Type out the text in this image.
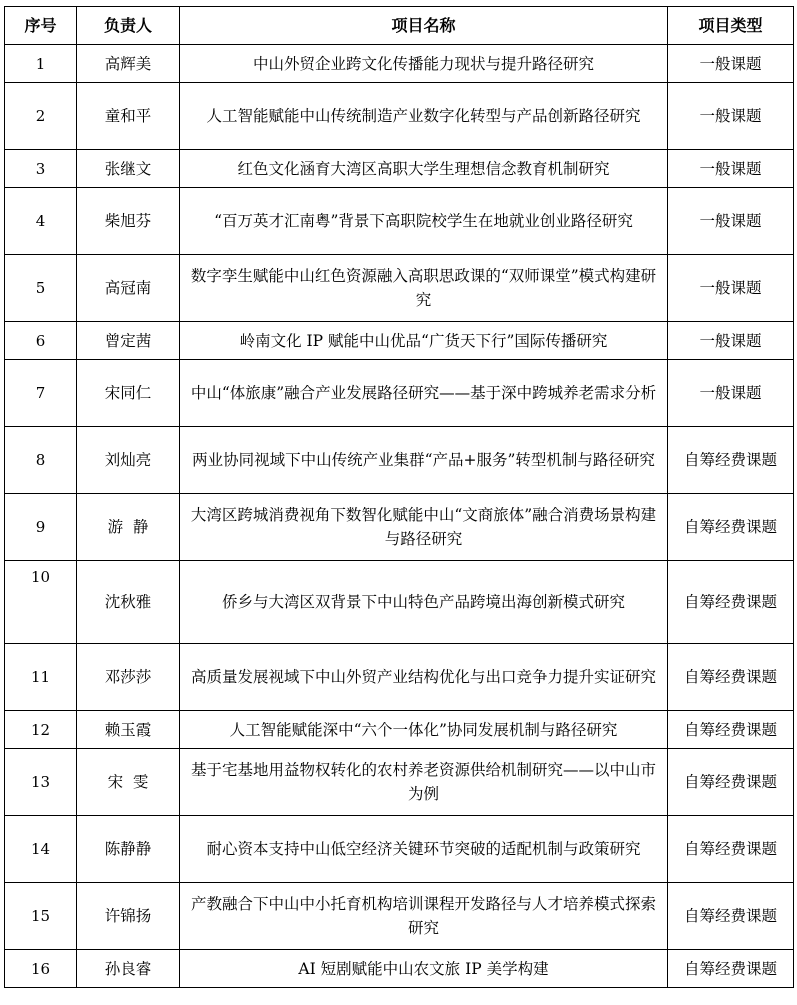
序号	负责人	项目名称	项目类型
1	高辉美	中山外贸企业跨文化传播能力现状与提升路径研究	一般课题
2	童和平	人工智能赋能中山传统制造产业数字化转型与产品创新路径研究	一般课题
3	张继文	红色文化涵育大湾区高职大学生理想信念教育机制研究	一般课题
4	柴旭芬	“百万英才汇南粤”背景下高职院校学生在地就业创业路径研究	一般课题
5	高冠南	数字孪生赋能中山红色资源融入高职思政课的“双师课堂”模式构建研究	一般课题
6	曾定茜	岭南文化 IP 赋能中山优品“广货天下行”国际传播研究	一般课题
7	宋同仁	中山“体旅康”融合产业发展路径研究——基于深中跨城养老需求分析	一般课题
8	刘灿亮	两业协同视域下中山传统产业集群“产品+服务”转型机制与路径研究	自筹经费课题
9	游  静	大湾区跨城消费视角下数智化赋能中山“文商旅体”融合消费场景构建与路径研究	自筹经费课题
10	沈秋雅	侨乡与大湾区双背景下中山特色产品跨境出海创新模式研究	自筹经费课题
11	邓莎莎	高质量发展视域下中山外贸产业结构优化与出口竞争力提升实证研究	自筹经费课题
12	赖玉霞	人工智能赋能深中“六个一体化”协同发展机制与路径研究	自筹经费课题
13	宋  雯	基于宅基地用益物权转化的农村养老资源供给机制研究——以中山市为例	自筹经费课题
14	陈静静	耐心资本支持中山低空经济关键环节突破的适配机制与政策研究	自筹经费课题
15	许锦扬	产教融合下中山中小托育机构培训课程开发路径与人才培养模式探索研究	自筹经费课题
16	孙良睿	AI 短剧赋能中山农文旅 IP 美学构建	自筹经费课题
